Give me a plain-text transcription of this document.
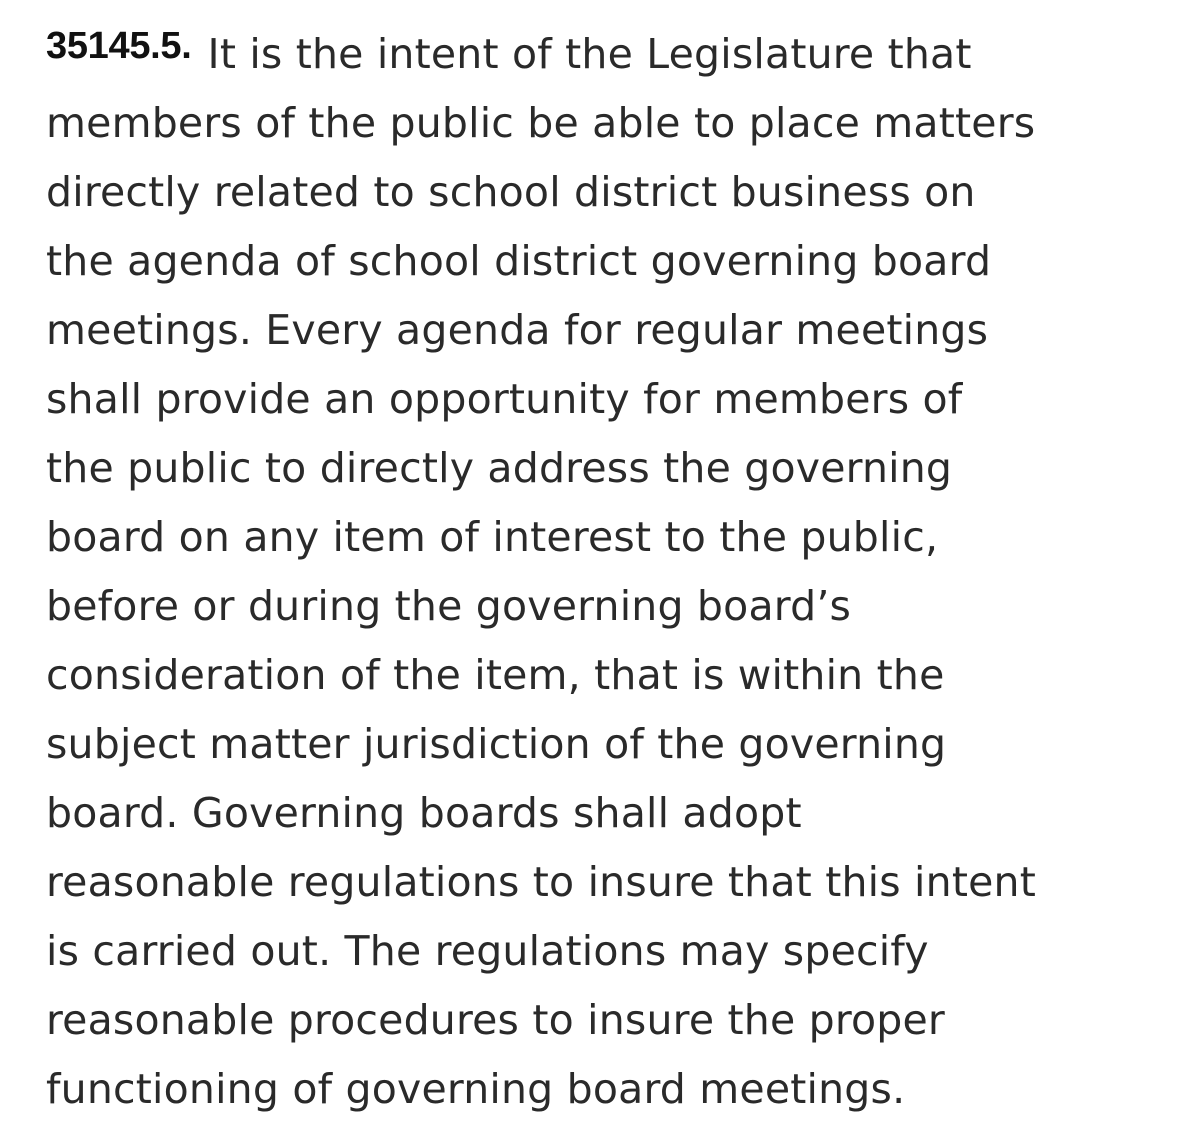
35145.5. It is the intent of the Legislature that
members of the public be able to place matters
directly related to school district business on
the agenda of school district governing board
meetings. Every agenda for regular meetings
shall provide an opportunity for members of
the public to directly address the governing
board on any item of interest to the public,
before or during the governing board’s
consideration of the item, that is within the
subject matter jurisdiction of the governing
board. Governing boards shall adopt
reasonable regulations to insure that this intent
is carried out. The regulations may specify
reasonable procedures to insure the proper
functioning of governing board meetings.
